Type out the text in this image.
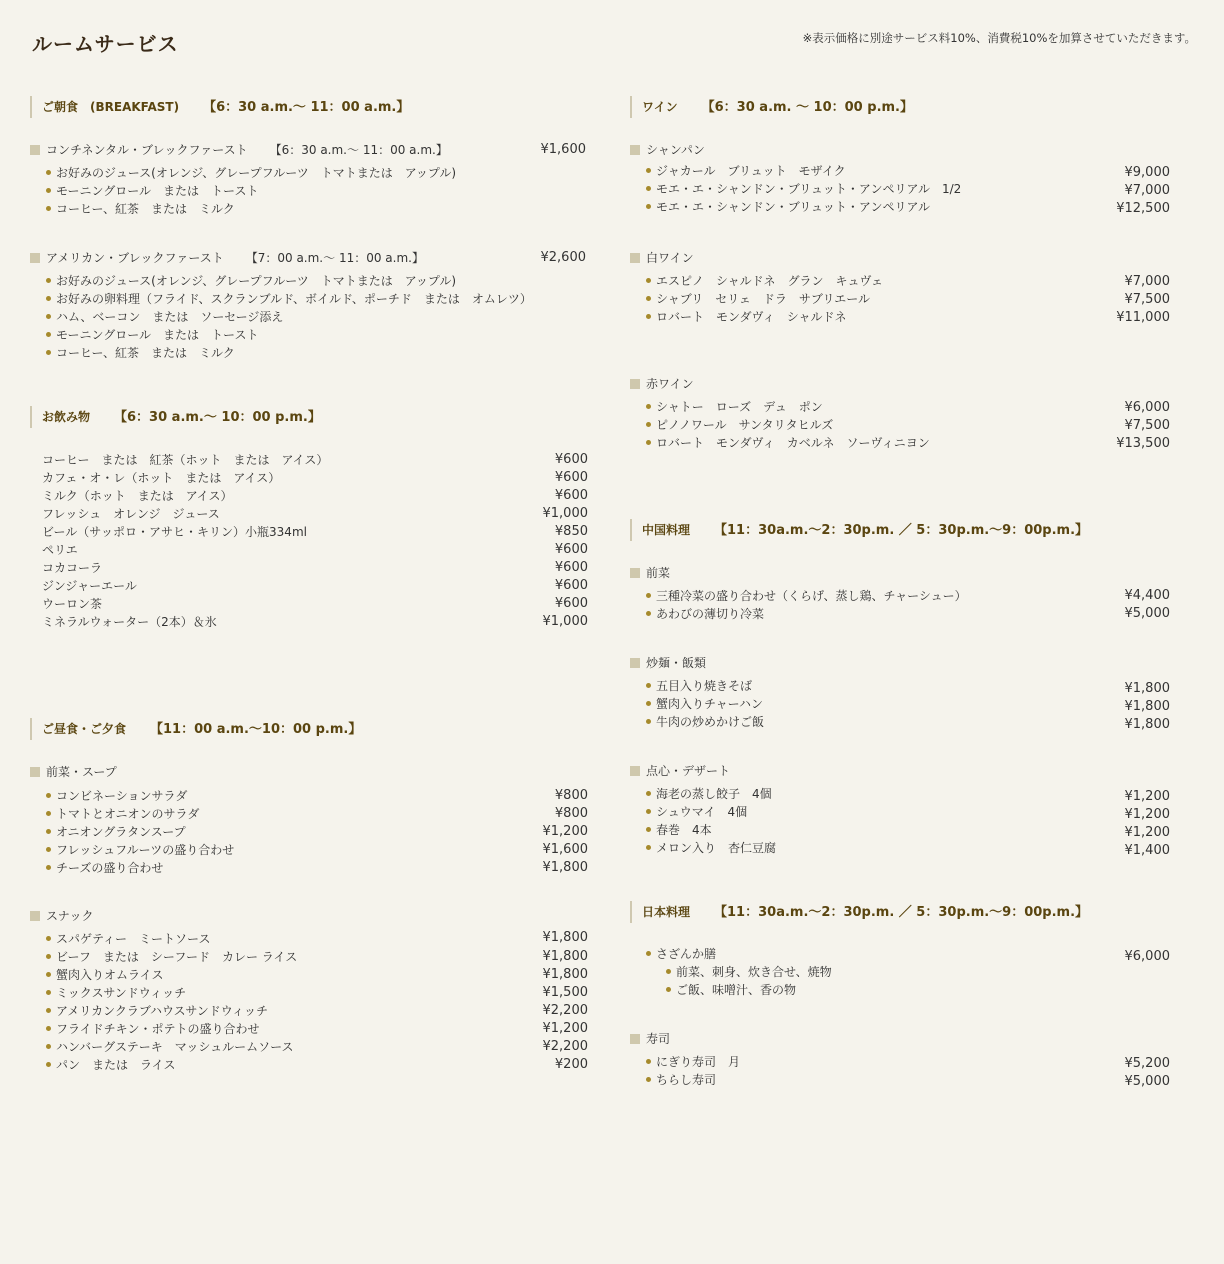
ルームサービス	※表示価格に別途サービス料10%、消費税10%を加算させていただきます。
ご朝食　(BREAKFAST) 【6：30 a.m.～ 11：00 a.m.】
コンチネンタル・ブレックファースト 【6：30 a.m.～ 11：00 a.m.】	¥1,600
お好みのジュース(オレンジ、グレープフルーツ　トマトまたは　アップル)
モーニングロール　または　トースト
コーヒー、紅茶　または　ミルク
アメリカン・ブレックファースト 【7：00 a.m.～ 11：00 a.m.】	¥2,600
お好みのジュース(オレンジ、グレープフルーツ　トマトまたは　アップル)
お好みの卵料理（フライド、スクランブルド、ボイルド、ポーチド　または　オムレツ）
ハム、ベーコン　または　ソーセージ添え
モーニングロール　または　トースト
コーヒー、紅茶　または　ミルク
お飲み物 【6：30 a.m.～ 10：00 p.m.】
コーヒー　または　紅茶（ホット　または　アイス）	¥600
カフェ・オ・レ（ホット　または　アイス）	¥600
ミルク（ホット　または　アイス）	¥600
フレッシュ　オレンジ　ジュース	¥1,000
ビール（サッポロ・アサヒ・キリン）小瓶334ml	¥850
ペリエ	¥600
コカコーラ	¥600
ジンジャーエール	¥600
ウーロン茶	¥600
ミネラルウォーター（2本）＆氷	¥1,000
ご昼食・ご夕食 【11：00 a.m.～10：00 p.m.】
前菜・スープ
コンビネーションサラダ	¥800
トマトとオニオンのサラダ	¥800
オニオングラタンスープ	¥1,200
フレッシュフルーツの盛り合わせ	¥1,600
チーズの盛り合わせ	¥1,800
スナック
スパゲティー　ミートソース	¥1,800
ビーフ　または　シーフード　カレー ライス	¥1,800
蟹肉入りオムライス	¥1,800
ミックスサンドウィッチ	¥1,500
アメリカンクラブハウスサンドウィッチ	¥2,200
フライドチキン・ポテトの盛り合わせ	¥1,200
ハンバーグステーキ　マッシュルームソース	¥2,200
パン　または　ライス	¥200
ワイン 【6：30 a.m. ～ 10：00 p.m.】
シャンパン
ジャカール　ブリュット　モザイク	¥9,000
モエ・エ・シャンドン・ブリュット・アンペリアル　1/2	¥7,000
モエ・エ・シャンドン・ブリュット・アンペリアル	¥12,500
白ワイン
エスピノ　シャルドネ　グラン　キュヴェ	¥7,000
シャブリ　セリェ　ドラ　サブリエール	¥7,500
ロバート　モンダヴィ　シャルドネ	¥11,000
赤ワイン
シャトー　ローズ　デュ　ポン	¥6,000
ピノノワール　サンタリタヒルズ	¥7,500
ロバート　モンダヴィ　カベルネ　ソーヴィニヨン	¥13,500
中国料理 【11：30a.m.～2：30p.m. ／ 5：30p.m.～9：00p.m.】
前菜
三種冷菜の盛り合わせ（くらげ、蒸し鶏、チャーシュー）	¥4,400
あわびの薄切り冷菜	¥5,000
炒麺・飯類
五目入り焼きそば	¥1,800
蟹肉入りチャーハン	¥1,800
牛肉の炒めかけご飯	¥1,800
点心・デザート
海老の蒸し餃子　4個	¥1,200
シュウマイ　4個	¥1,200
春巻　4本	¥1,200
メロン入り　杏仁豆腐	¥1,400
日本料理 【11：30a.m.～2：30p.m. ／ 5：30p.m.～9：00p.m.】
さざんか膳	¥6,000
前菜、刺身、炊き合せ、焼物
ご飯、味噌汁、香の物
寿司
にぎり寿司　月	¥5,200
ちらし寿司	¥5,000
